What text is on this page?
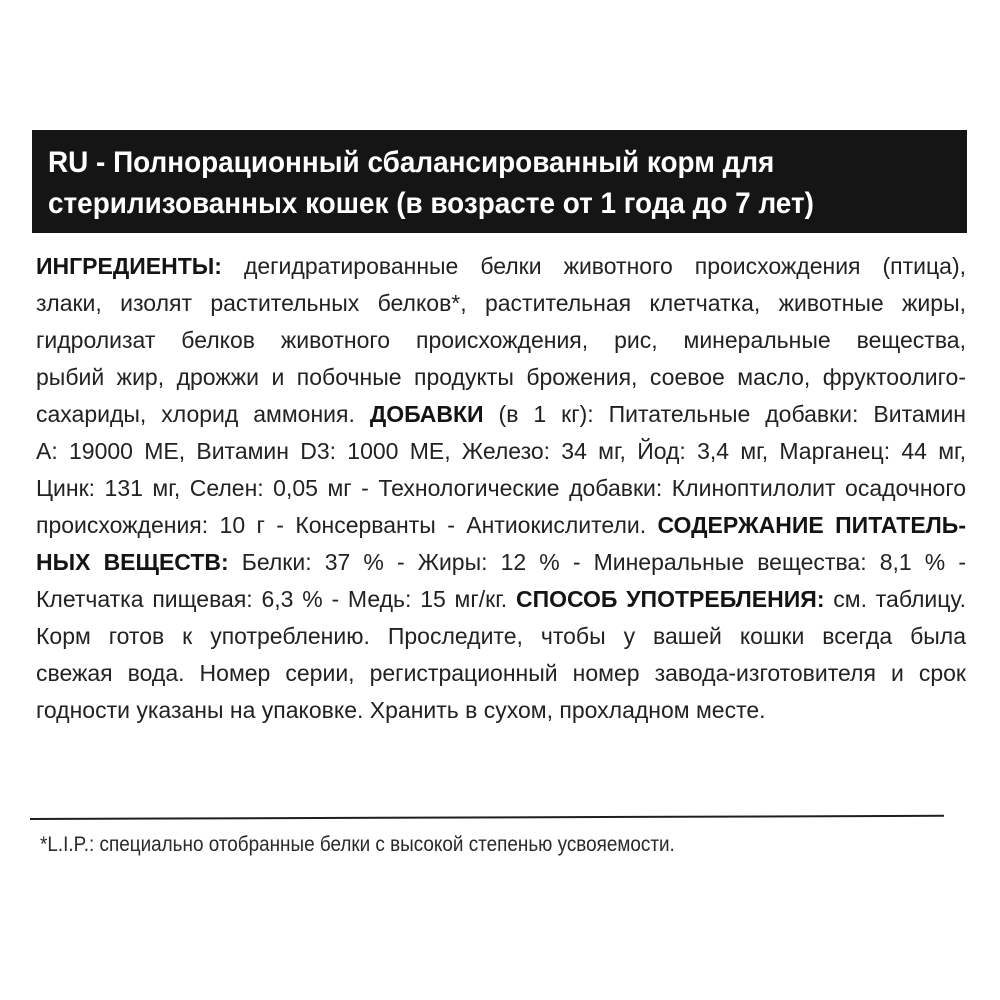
RU - Полнорационный сбалансированный корм для
стерилизованных кошек (в возрасте от 1 года до 7 лет)
ИНГРЕДИЕНТЫ: дегидратированные белки животного происхождения (птица),
злаки, изолят растительных белков*, растительная клетчатка, животные жиры,
гидролизат белков животного происхождения, рис, минеральные вещества,
рыбий жир, дрожжи и побочные продукты брожения, соевое масло, фруктоолиго-
сахариды, хлорид аммония. ДОБАВКИ (в 1 кг): Питательные добавки: Витамин
А: 19000 МЕ, Витамин D3: 1000 МЕ, Железо: 34 мг, Йод: 3,4 мг, Марганец: 44 мг,
Цинк: 131 мг, Селен: 0,05 мг - Технологические добавки: Клиноптилолит осадочного
происхождения: 10 г - Консерванты - Антиокислители. СОДЕРЖАНИЕ ПИТАТЕЛЬ-
НЫХ ВЕЩЕСТВ: Белки: 37 % - Жиры: 12 % - Минеральные вещества: 8,1 % -
Клетчатка пищевая: 6,3 % - Медь: 15 мг/кг. СПОСОБ УПОТРЕБЛЕНИЯ: см. таблицу.
Корм готов к употреблению. Проследите, чтобы у вашей кошки всегда была
свежая вода. Номер серии, регистрационный номер завода-изготовителя и срок
годности указаны на упаковке. Хранить в сухом, прохладном месте.
*L.I.P.: специально отобранные белки с высокой степенью усвояемости.
